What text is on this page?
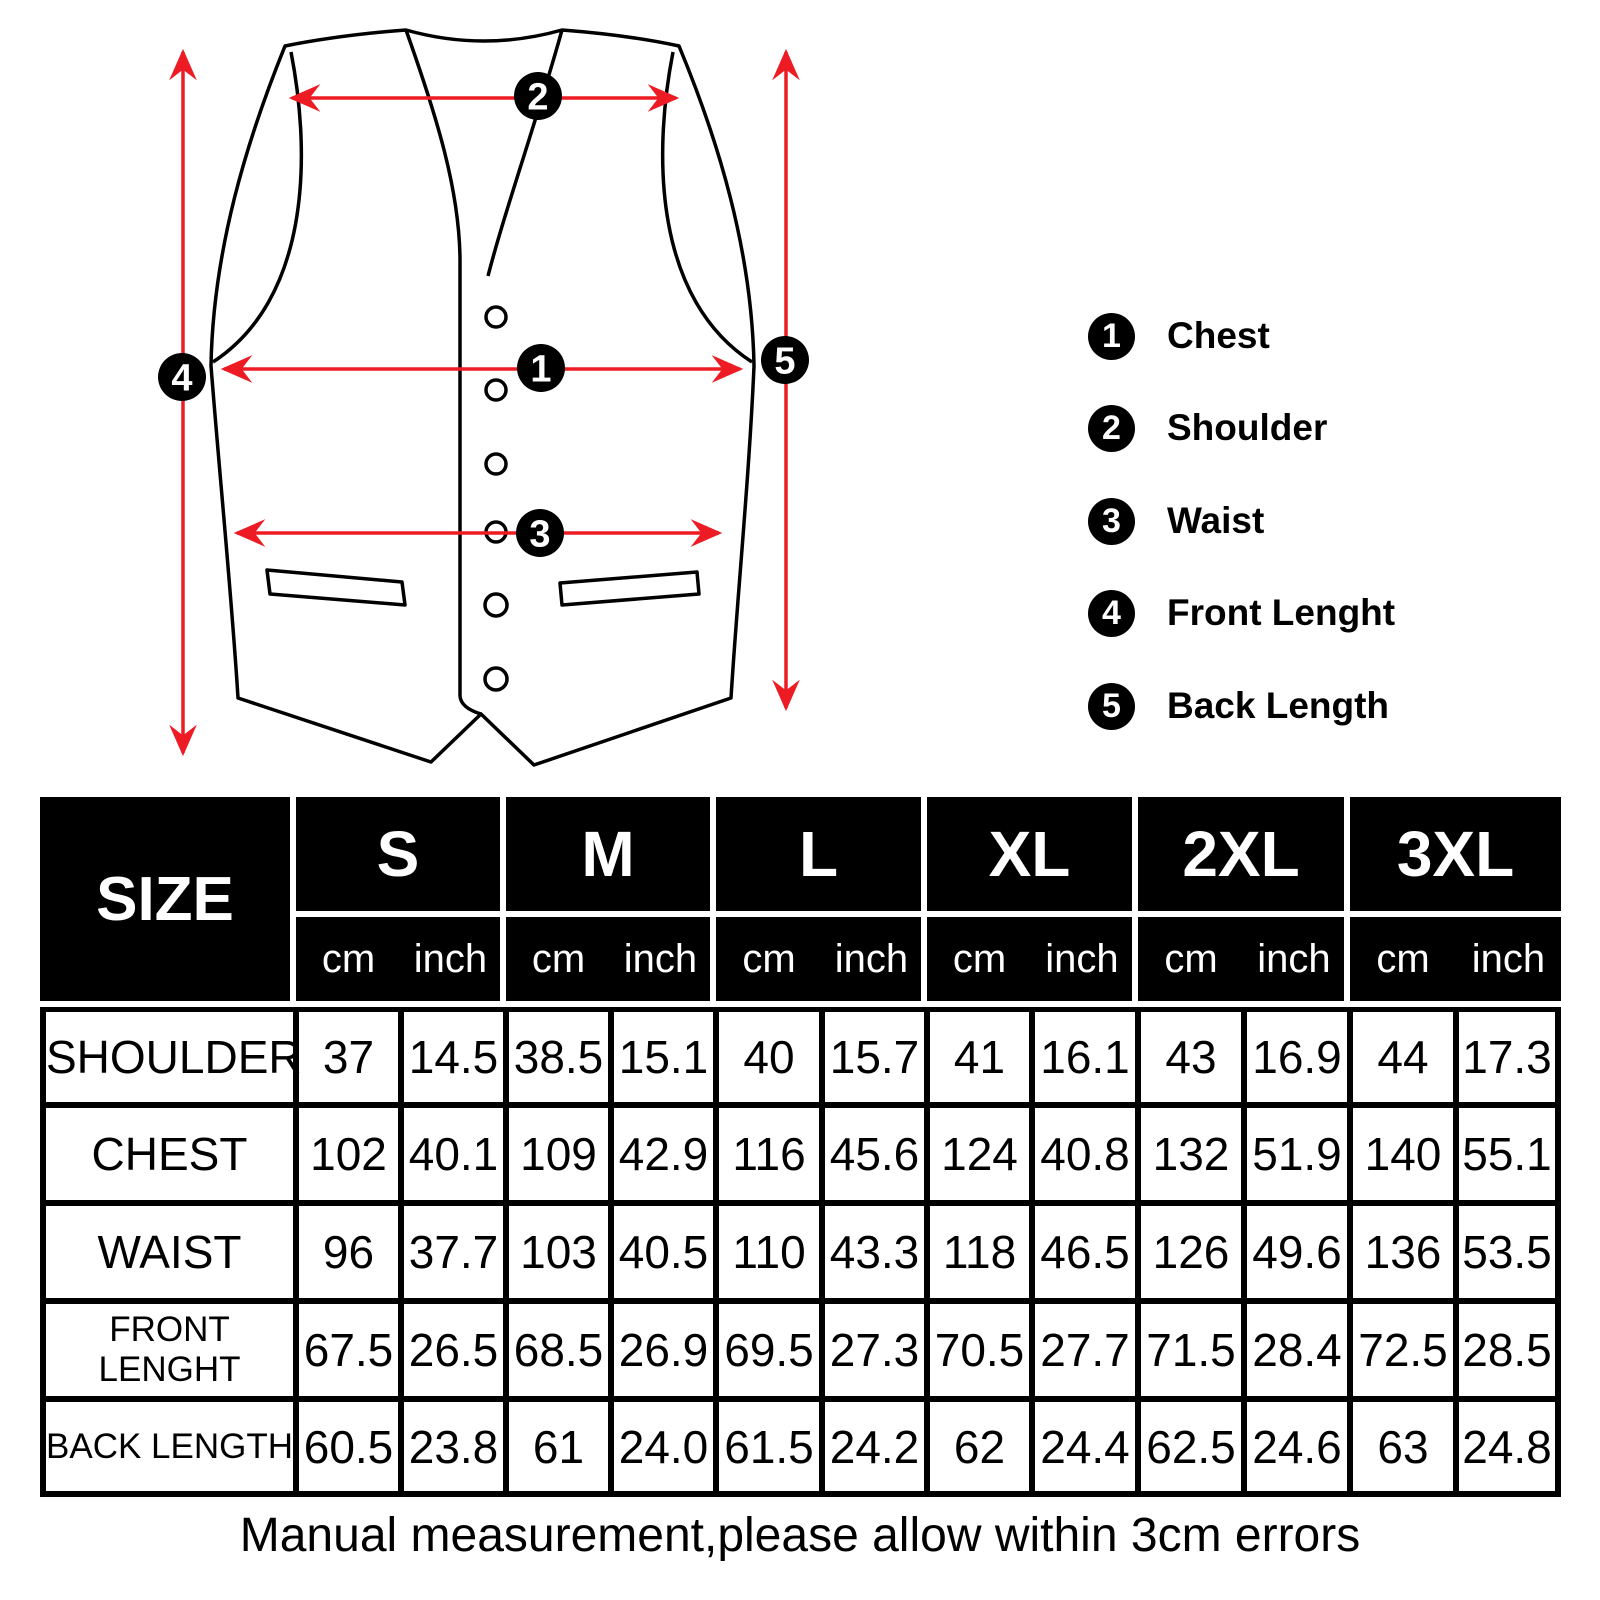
1
2
3
4	5
1	Chest
2	Shoulder
3	Waist
4	Front Lenght
5	Back Length
SIZE	S		M		L		XL		2XL		3XL	
	cm	inch	cm	inch	cm	inch	cm	inch	cm	inch	cm	inch
SHOULDER	37	14.5	38.5	15.1	40	15.7	41	16.1	43	16.9	44	17.3
CHEST	102	40.1	109	42.9	116	45.6	124	40.8	132	51.9	140	55.1
WAIST	96	37.7	103	40.5	110	43.3	118	46.5	126	49.6	136	53.5
FRONT LENGHT	67.5	26.5	68.5	26.9	69.5	27.3	70.5	27.7	71.5	28.4	72.5	28.5
BACK LENGTH	60.5	23.8	61	24.0	61.5	24.2	62	24.4	62.5	24.6	63	24.8
Manual measurement,please allow within 3cm errors
